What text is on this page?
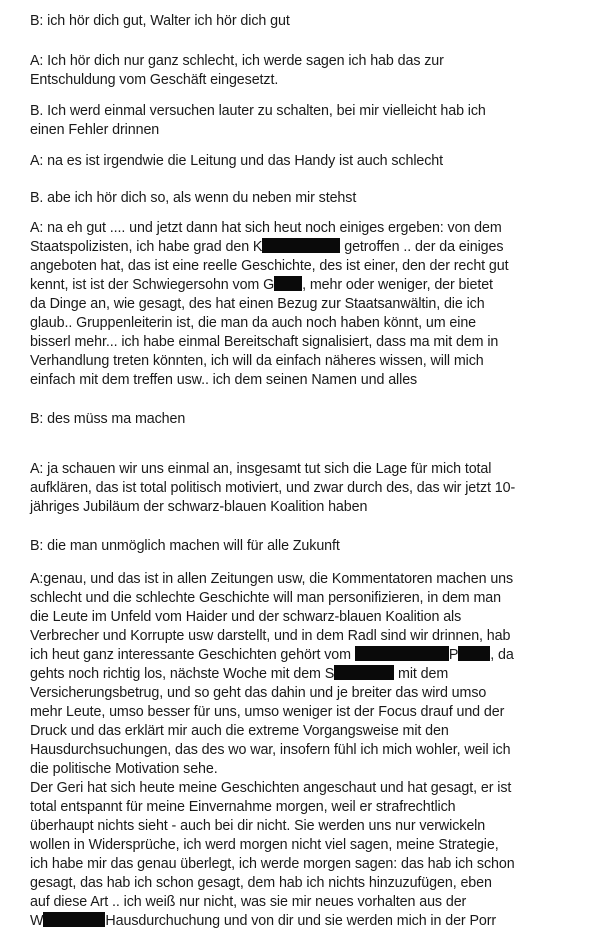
B: ich hör dich gut, Walter ich hör dich gut
A: Ich hör dich nur ganz schlecht, ich werde sagen ich hab das zur
Entschuldung vom Geschäft eingesetzt.
B. Ich werd einmal versuchen lauter zu schalten, bei mir vielleicht hab ich
einen Fehler drinnen
A: na es ist irgendwie die Leitung und das Handy ist auch schlecht
B. abe ich hör dich so, als wenn du neben mir stehst
A: na eh gut .... und jetzt dann hat sich heut noch einiges ergeben: von dem
Staatspolizisten, ich habe grad den K	getroffen .. der da einiges
angeboten hat, das ist eine reelle Geschichte, des ist einer, den der recht gut
kennt, ist ist der Schwiegersohn vom G , mehr oder weniger, der bietet
da Dinge an, wie gesagt, des hat einen Bezug zur Staatsanwältin, die ich
glaub.. Gruppenleiterin ist, die man da auch noch haben könnt, um eine
bisserl mehr... ich habe einmal Bereitschaft signalisiert, dass ma mit dem in
Verhandlung treten könnten, ich will da einfach näheres wissen, will mich
einfach mit dem treffen usw.. ich dem seinen Namen und alles
B: des müss ma machen
A: ja schauen wir uns einmal an, insgesamt tut sich die Lage für mich total
aufklären, das ist total politisch motiviert, und zwar durch des, das wir jetzt 10-
jähriges Jubiläum der schwarz-blauen Koalition haben
B: die man unmöglich machen will für alle Zukunft
A:genau, und das ist in allen Zeitungen usw, die Kommentatoren machen uns
schlecht und die schlechte Geschichte will man personifizieren, in dem man
die Leute im Unfeld vom Haider und der schwarz-blauen Koalition als
Verbrecher und Korrupte usw darstellt, und in dem Radl sind wir drinnen, hab
ich heut ganz interessante Geschichten gehört vom	P , da
gehts noch richtig los, nächste Woche mit dem S	mit dem
Versicherungsbetrug, und so geht das dahin und je breiter das wird umso
mehr Leute, umso besser für uns, umso weniger ist der Focus drauf und der
Druck und das erklärt mir auch die extreme Vorgangsweise mit den
Hausdurchsuchungen, das des wo war, insofern fühl ich mich wohler, weil ich
die politische Motivation sehe.
Der Geri hat sich heute meine Geschichten angeschaut und hat gesagt, er ist
total entspannt für meine Einvernahme morgen, weil er strafrechtlich
überhaupt nichts sieht - auch bei dir nicht. Sie werden uns nur verwickeln
wollen in Widersprüche, ich werd morgen nicht viel sagen, meine Strategie,
ich habe mir das genau überlegt, ich werde morgen sagen: das hab ich schon
gesagt, das hab ich schon gesagt, dem hab ich nichts hinzuzufügen, eben
auf diese Art .. ich weiß nur nicht, was sie mir neues vorhalten aus der
W	Hausdurchuchung und von dir und sie werden mich in der Porr
